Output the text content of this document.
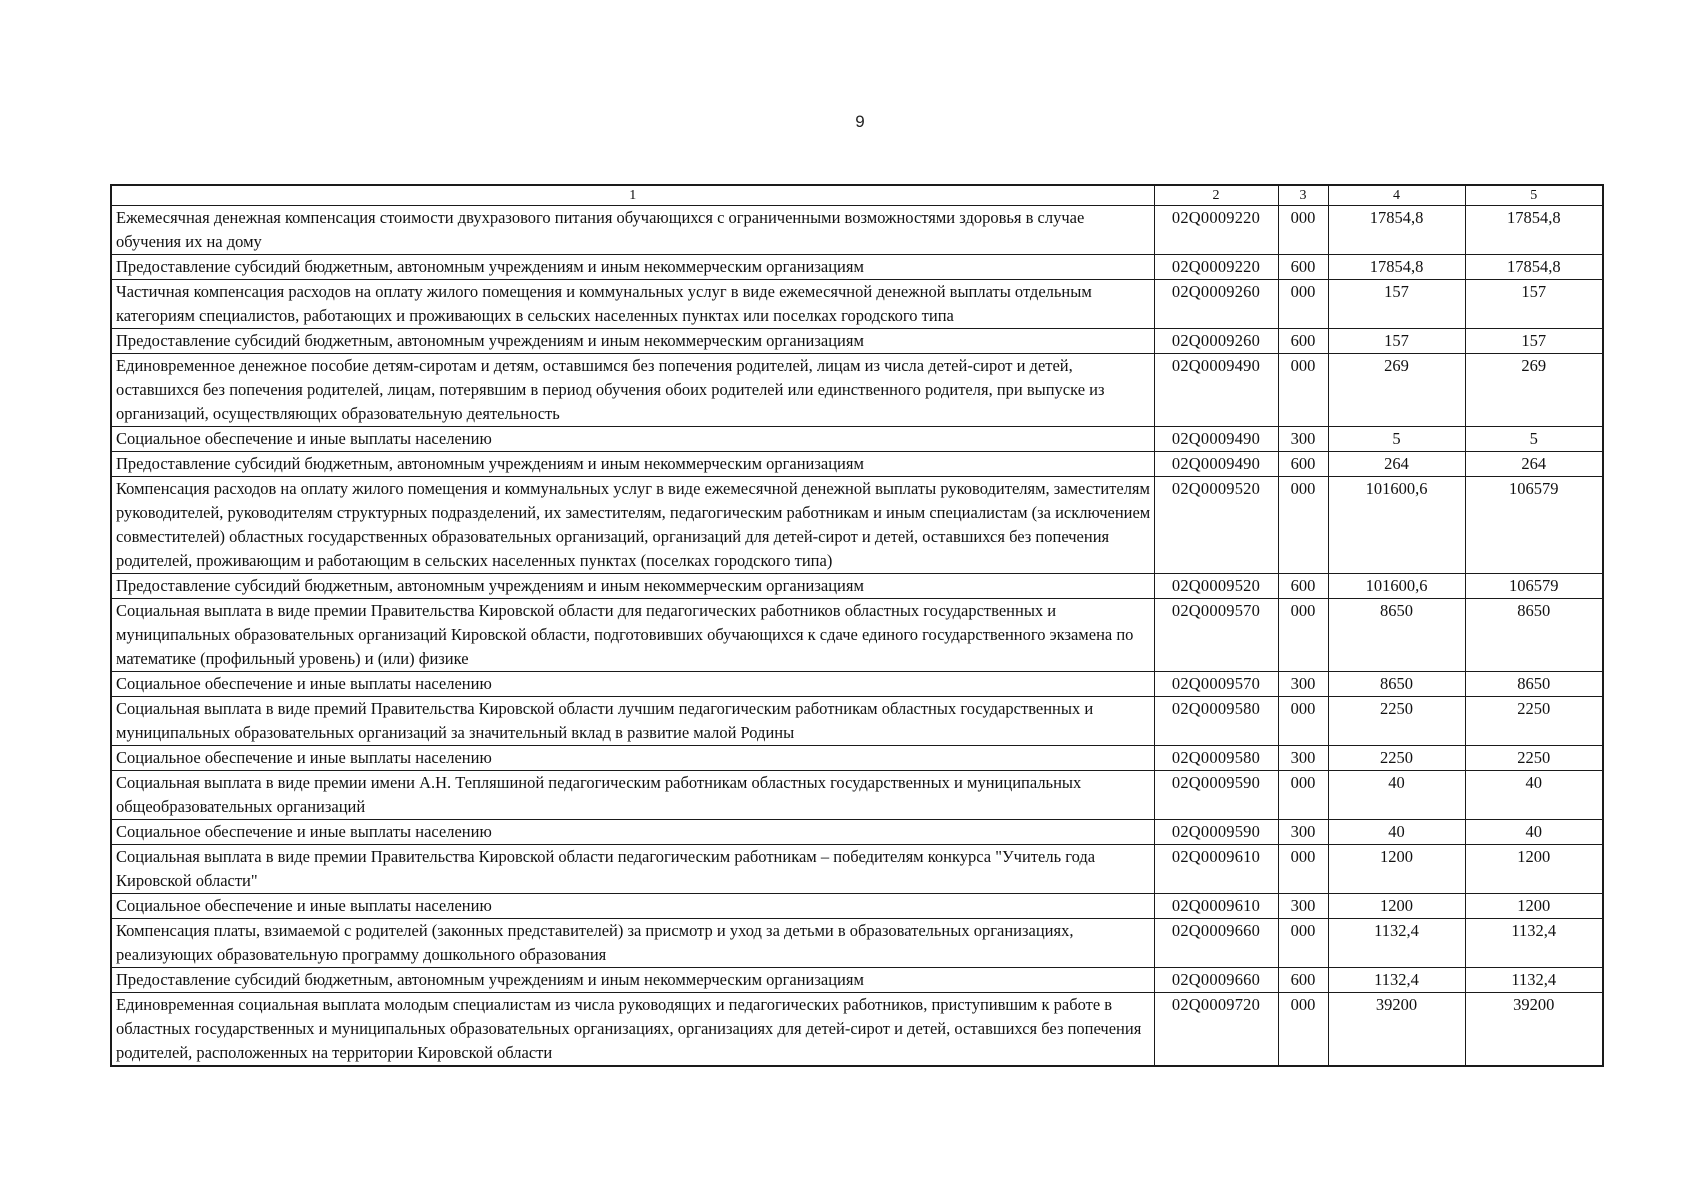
9
1	2	3	4	5
Ежемесячная денежная компенсация стоимости двухразового питания обучающихся с ограниченными возможностями здоровья в случае обучения их на дому	02Q0009220	000	17854,8	17854,8
Предоставление субсидий бюджетным, автономным учреждениям и иным некоммерческим организациям	02Q0009220	600	17854,8	17854,8
Частичная компенсация расходов на оплату жилого помещения и коммунальных услуг в виде ежемесячной денежной выплаты отдельным категориям специалистов, работающих и проживающих в сельских населенных пунктах или поселках городского типа	02Q0009260	000	157	157
Предоставление субсидий бюджетным, автономным учреждениям и иным некоммерческим организациям	02Q0009260	600	157	157
Единовременное денежное пособие детям-сиротам и детям, оставшимся без попечения родителей, лицам из числа детей-сирот и детей, оставшихся без попечения родителей, лицам, потерявшим в период обучения обоих родителей или единственного родителя, при выпуске из организаций, осуществляющих образовательную деятельность	02Q0009490	000	269	269
Социальное обеспечение и иные выплаты населению	02Q0009490	300	5	5
Предоставление субсидий бюджетным, автономным учреждениям и иным некоммерческим организациям	02Q0009490	600	264	264
Компенсация расходов на оплату жилого помещения и коммунальных услуг в виде ежемесячной денежной выплаты руководителям, заместителям руководителей, руководителям структурных подразделений, их заместителям, педагогическим работникам и иным специалистам (за исключением совместителей) областных государственных образовательных организаций, организаций для детей-сирот и детей, оставшихся без попечения родителей, проживающим и работающим в сельских населенных пунктах (поселках городского типа)	02Q0009520	000	101600,6	106579
Предоставление субсидий бюджетным, автономным учреждениям и иным некоммерческим организациям	02Q0009520	600	101600,6	106579
Социальная выплата в виде премии Правительства Кировской области для педагогических работников областных государственных и муниципальных образовательных организаций Кировской области, подготовивших обучающихся к сдаче единого государственного экзамена по математике (профильный уровень) и (или) физике	02Q0009570	000	8650	8650
Социальное обеспечение и иные выплаты населению	02Q0009570	300	8650	8650
Социальная выплата в виде премий Правительства Кировской области лучшим педагогическим работникам областных государственных и муниципальных образовательных организаций за значительный вклад в развитие малой Родины	02Q0009580	000	2250	2250
Социальное обеспечение и иные выплаты населению	02Q0009580	300	2250	2250
Социальная выплата в виде премии имени А.Н. Тепляшиной педагогическим работникам областных государственных и муниципальных общеобразовательных организаций	02Q0009590	000	40	40
Социальное обеспечение и иные выплаты населению	02Q0009590	300	40	40
Социальная выплата в виде премии Правительства Кировской области педагогическим работникам – победителям конкурса "Учитель года Кировской области"	02Q0009610	000	1200	1200
Социальное обеспечение и иные выплаты населению	02Q0009610	300	1200	1200
Компенсация платы, взимаемой с родителей (законных представителей) за присмотр и уход за детьми в образовательных организациях, реализующих образовательную программу дошкольного образования	02Q0009660	000	1132,4	1132,4
Предоставление субсидий бюджетным, автономным учреждениям и иным некоммерческим организациям	02Q0009660	600	1132,4	1132,4
Единовременная социальная выплата молодым специалистам из числа руководящих и педагогических работников, приступившим к работе в областных государственных и муниципальных образовательных организациях, организациях для детей-сирот и детей, оставшихся без попечения родителей, расположенных на территории Кировской области	02Q0009720	000	39200	39200
